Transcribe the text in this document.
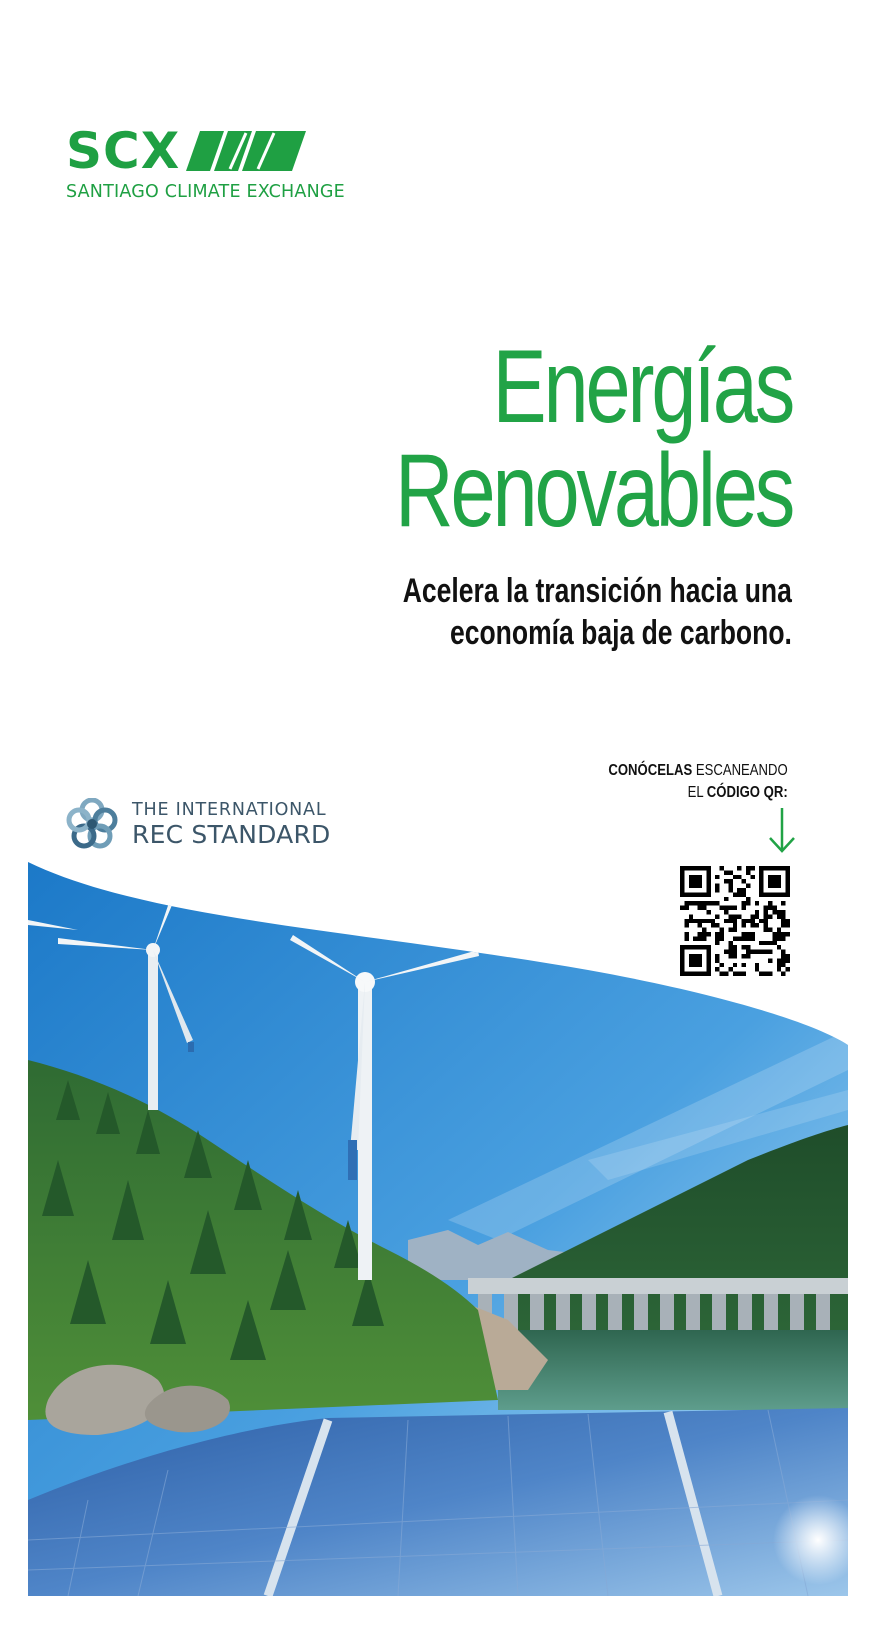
SCX
SANTIAGO CLIMATE EXCHANGE
Energías
Renovables
Acelera la transición hacia una
economía baja de carbono.
CONÓCELAS ESCANEANDO
EL CÓDIGO QR:
THE INTERNATIONAL
REC STANDARD
